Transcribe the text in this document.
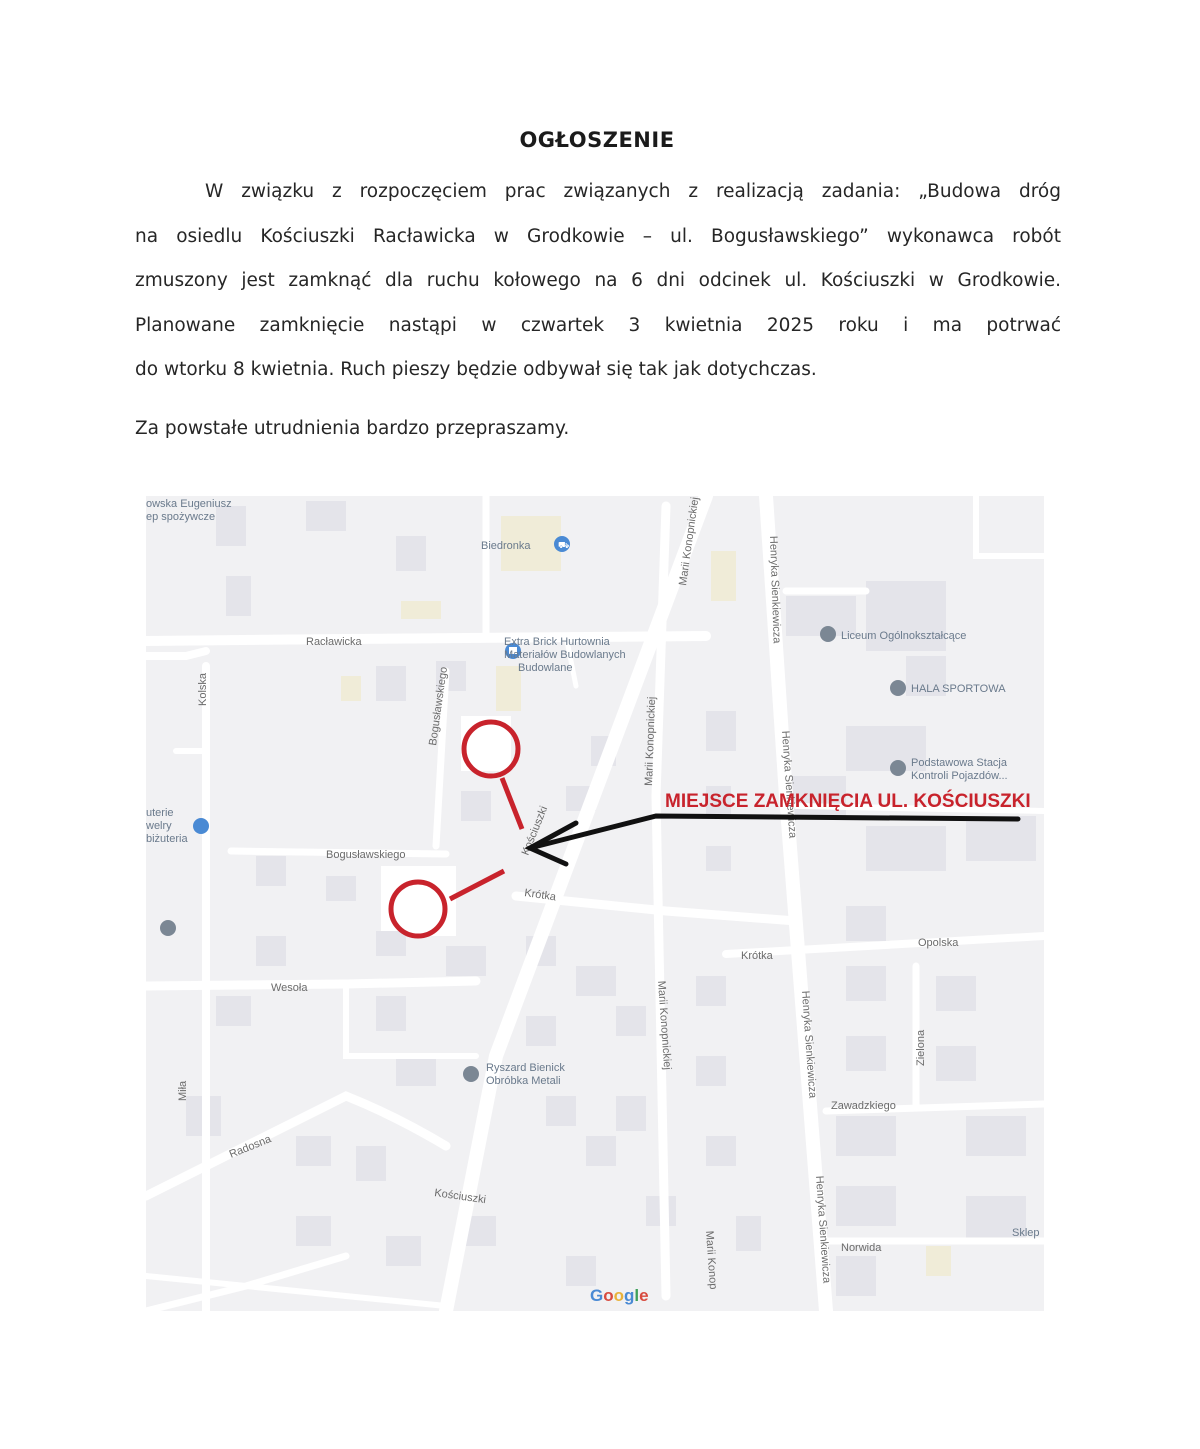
OGŁOSZENIE
W związku z rozpoczęciem prac związanych z realizacją zadania: „Budowa dróg
na osiedlu Kościuszki Racławicka w Grodkowie – ul. Bogusławskiego” wykonawca robót
zmuszony jest zamknąć dla ruchu kołowego na 6 dni odcinek ul. Kościuszki w Grodkowie.
Planowane zamknięcie nastąpi w czwartek 3 kwietnia 2025 roku i ma potrwać
do wtorku 8 kwietnia. Ruch pieszy będzie odbywał się tak jak dotychczas.
Za powstałe utrudnienia bardzo przepraszamy.
Racławicka
Bogusławskiego
Bogusławskiego
Kościuszki
Kościuszki
Krótka
Krótka
Wesoła
Radosna
Miła
Kolska
Opolska
Zielona
Zawadzkiego
Norwida
Henryka Sienkiewicza
Henryka Sienkiewicza
Henryka Sienkiewicza
Henryka Sienkiewicza
Marii Konopnickiej
Marii Konopnickiej
Marii Konopnickiej
Marii Konop
owska Eugeniusz
ep spożywcze
Biedronka	⛟
Extra Brick Hurtownia
Materiałów Budowlanych
Budowlane
Liceum Ogólnokształcące
HALA SPORTOWA
Podstawowa Stacja
Kontroli Pojazdów...
uterie
welry
biżuteria
Ryszard Bienick
Obróbka Metali
Sklep
MIEJSCE ZAMKNIĘCIA UL. KOŚCIUSZKI
Google
